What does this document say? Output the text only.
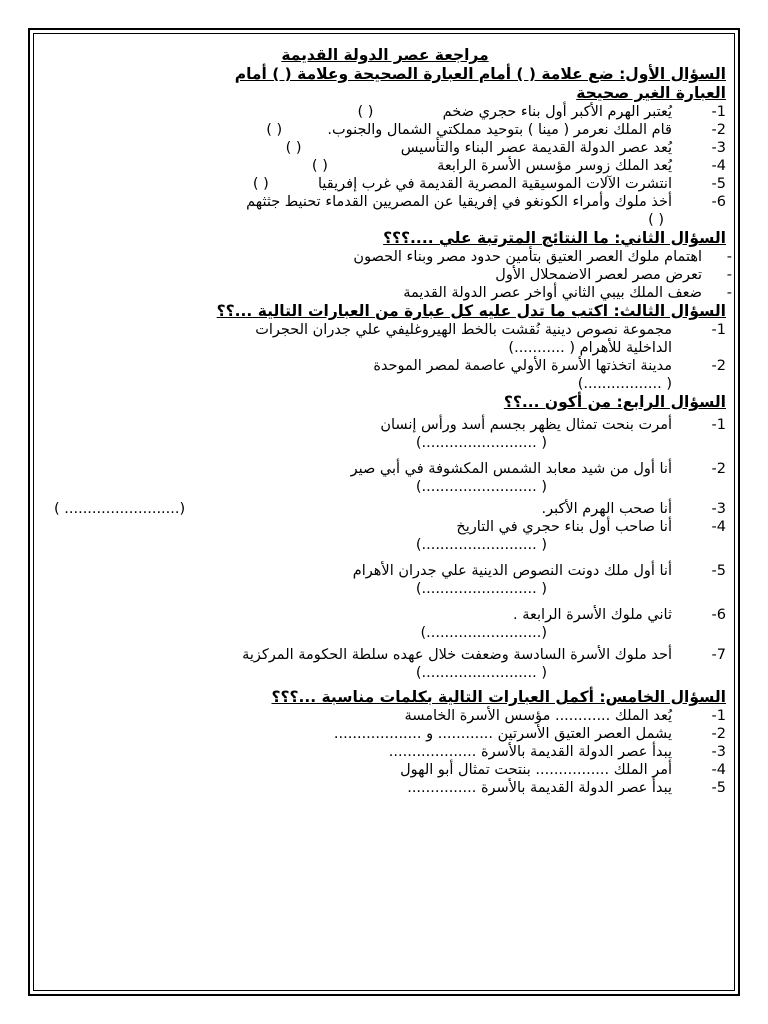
مراجعة عصر الدولة القديمة
السؤال الأول: ضع علامة ( ) أمام العبارة الصحيحة وعلامة ( ) أمام
العبارة الغير صحيحة
-1
يُعتبر الهرم الأكبر أول بناء حجري ضخم  ( )
-2
قام الملك نعرمر ( مينا ) بتوحيد مملكتي الشمال والجنوب.  ( )
-3
يُعد عصر الدولة القديمة عصر البناء والتأسيس  ( )
-4
يُعد الملك زوسر مؤسس الأسرة الرابعة  ( )
-5
انتشرت الآلات الموسيقية المصرية القديمة في غرب إفريقيا  ( )
-6
أخذ ملوك وأمراء الكونغو في إفريقيا عن المصريين القدماء تحنيط جثثهم
( )
السؤال الثاني: ما النتائج المترتبة علي ....؟؟؟
-
اهتمام ملوك العصر العتيق بتأمين حدود مصر وبناء الحصون
-
تعرض مصر لعصر الاضمحلال الأول
-
ضعف الملك بيبي الثاني أواخر عصر الدولة القديمة
السؤال الثالث: اكتب ما تدل عليه كل عبارة من العبارات التالية ...؟؟
-1
مجموعة نصوص دينية نُقشت بالخط الهيروغليفي علي جدران الحجرات
الداخلية للأهرام ( ...........)
-2
مدينة اتخذتها الأسرة الأولي عاصمة لمصر الموحدة
( .................)
السؤال الرابع: من أكون ...؟؟
-1
أمرت بنحت تمثال يظهر بجسم أسد ورأس إنسان
( .........................)
-2
أنا أول من شيد معابد الشمس المكشوفة في أبي صير
( .........................)
-3
أنا صحب الهرم الأكبر.
( .........................)
-4
أنا صاحب أول بناء حجري في التاريخ
( .........................)
-5
أنا أول ملك دونت النصوص الدينية علي جدران الأهرام
( .........................)
-6
ثاني ملوك الأسرة الرابعة .
(.........................)
-7
أحد ملوك الأسرة السادسة وضعفت خلال عهده سلطة الحكومة المركزية
( .........................)
السؤال الخامس: أكمل العبارات التالية بكلمات مناسبة ...؟؟؟
-1
يُعد الملك ............ مؤسس الأسرة الخامسة
-2
يشمل العصر العتيق الأسرتين ............ و ...................
-3
يبدأ عصر الدولة القديمة بالأسرة ...................
-4
أمر الملك ................ بنتحت تمثال أبو الهول
-5
يبدأ عصر الدولة القديمة بالأسرة ...............
